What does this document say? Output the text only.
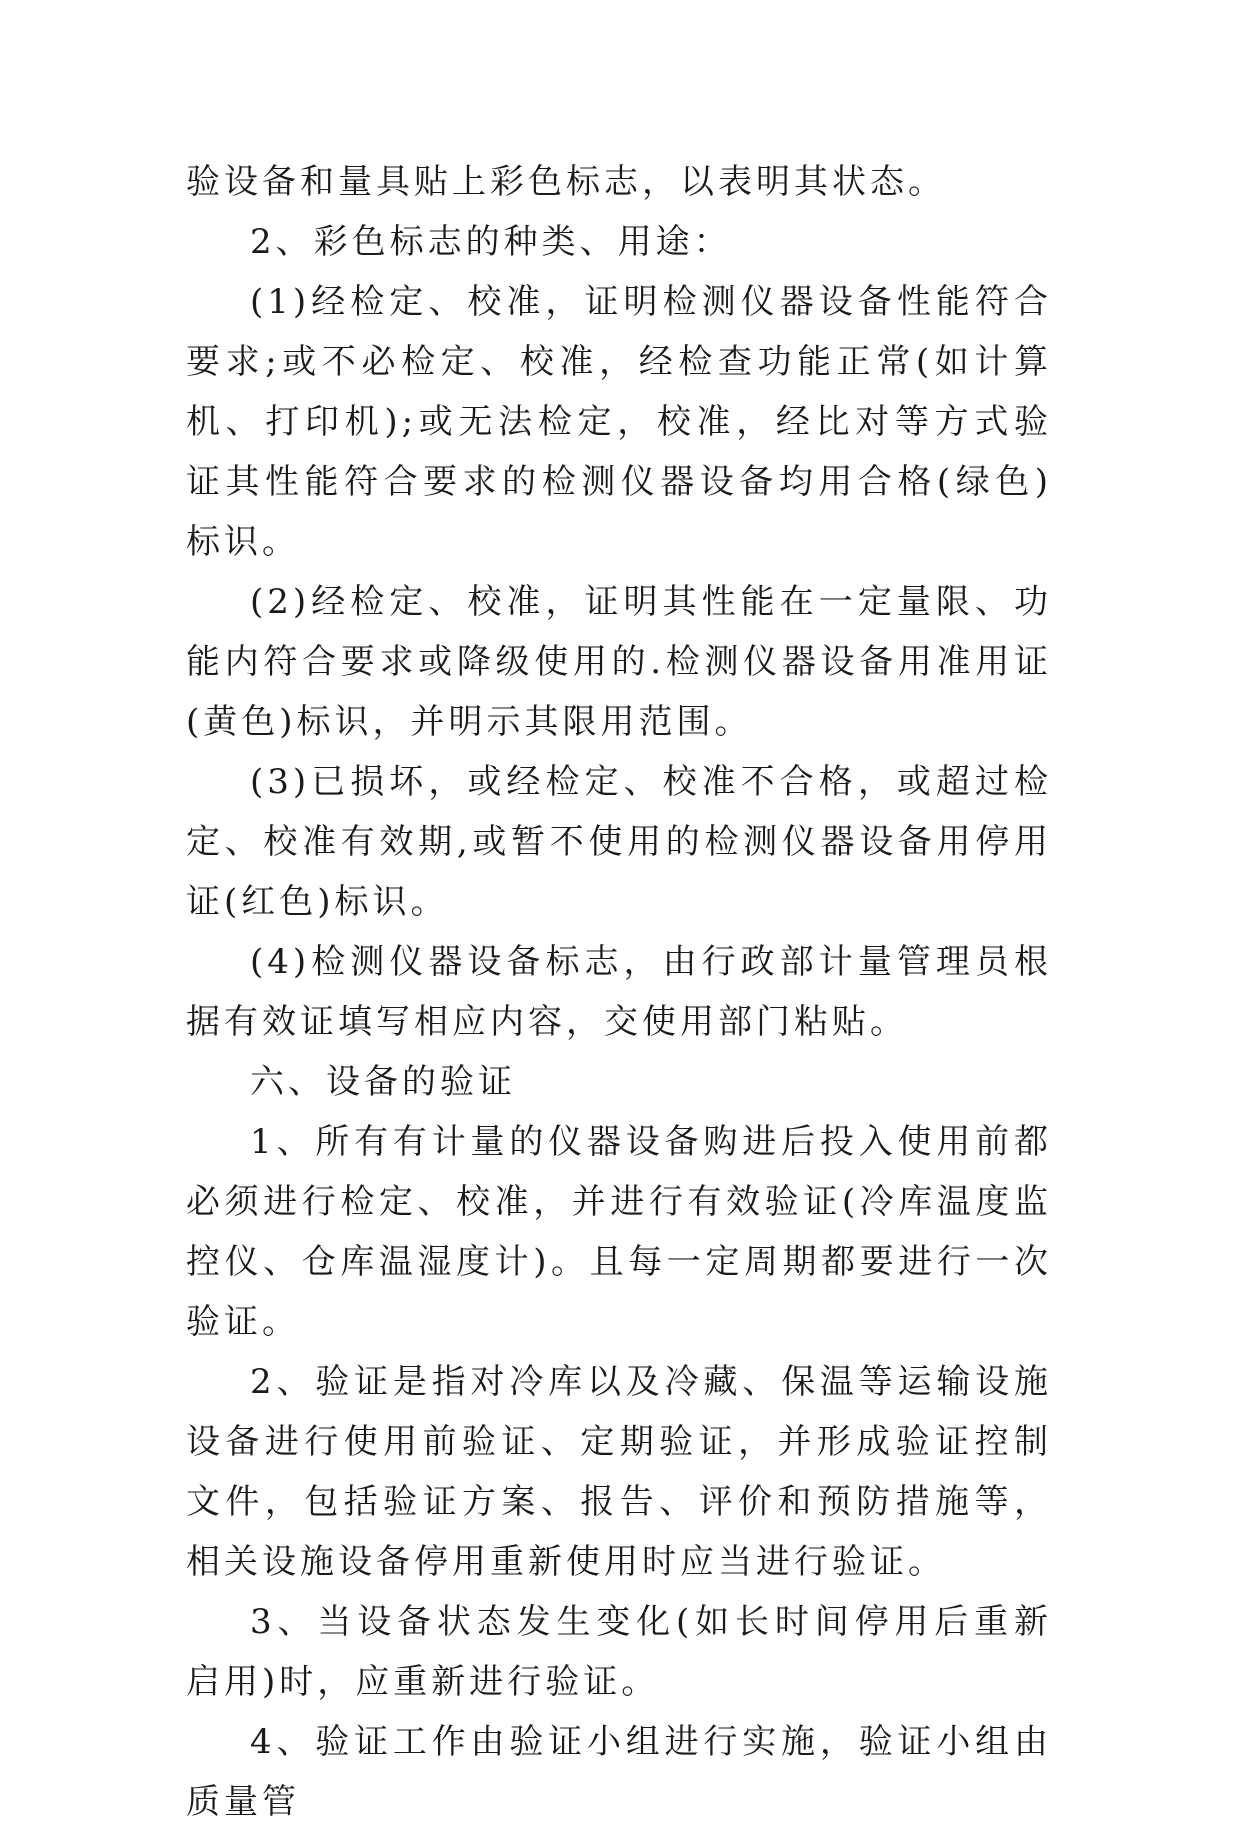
验设备和量具贴上彩色标志，以表明其状态。

2、彩色标志的种类、用途：

(1)经检定、校准，证明检测仪器设备性能符合要求;或不必检定、校准，经检查功能正常(如计算机、打印机);或无法检定，校准，经比对等方式验证其性能符合要求的检测仪器设备均用合格(绿色)标识。

(2)经检定、校准，证明其性能在一定量限、功能内符合要求或降级使用的.检测仪器设备用准用证(黄色)标识，并明示其限用范围。

(3)已损坏，或经检定、校准不合格，或超过检定、校准有效期,或暂不使用的检测仪器设备用停用证(红色)标识。

(4)检测仪器设备标志，由行政部计量管理员根据有效证填写相应内容，交使用部门粘贴。

六、设备的验证

1、所有有计量的仪器设备购进后投入使用前都必须进行检定、校准，并进行有效验证(冷库温度监控仪、仓库温湿度计)。且每一定周期都要进行一次验证。

2、验证是指对冷库以及冷藏、保温等运输设施设备进行使用前验证、定期验证，并形成验证控制文件，包括验证方案、报告、评价和预防措施等，相关设施设备停用重新使用时应当进行验证。

3、当设备状态发生变化(如长时间停用后重新启用)时，应重新进行验证。

4、验证工作由验证小组进行实施，验证小组由质量管
